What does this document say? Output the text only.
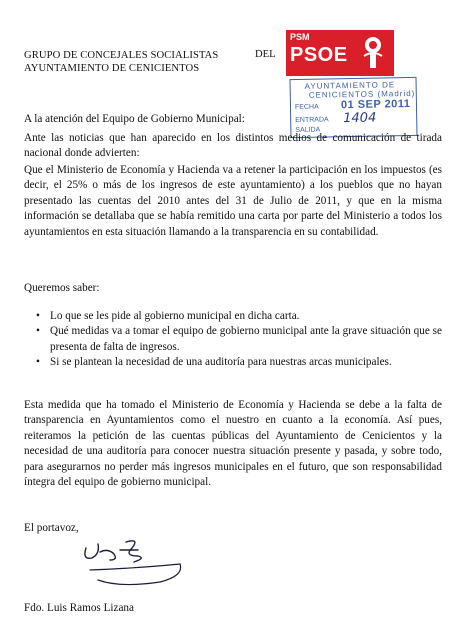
GRUPO DE CONCEJALES SOCIALISTAS
AYUNTAMIENTO DE CENICIENTOS
DEL
PSM
PSOE
AYUNTAMIENTO DE
CENICIENTOS (Madrid)
FECHA 01 SEP 2011
ENTRADA 1404
SALIDA
A la atención del Equipo de Gobierno Municipal:
Ante las noticias que han aparecido en los distintos medios de comunicación de tirada nacional donde advierten:
Que el Ministerio de Economía y Hacienda va a retener la participación en los impuestos (es decir, el 25% o más de los ingresos de este ayuntamiento) a los pueblos que no hayan presentado las cuentas del 2010 antes del 31 de Julio de 2011, y que en la misma información se detallaba que se había remitido una carta por parte del Ministerio a todos los ayuntamientos en esta situación llamando a la transparencia en su contabilidad.
Queremos saber:
• Lo que se les pide al gobierno municipal en dicha carta.
• Qué medidas va a tomar el equipo de gobierno municipal ante la grave situación que se presenta de falta de ingresos.
• Si se plantean la necesidad de una auditoría para nuestras arcas municipales.
Esta medida que ha tomado el Ministerio de Economía y Hacienda se debe a la falta de transparencia en Ayuntamientos como el nuestro en cuanto a la economía. Así pues, reiteramos la petición de las cuentas públicas del Ayuntamiento de Cenicientos y la necesidad de una auditoría para conocer nuestra situación presente y pasada, y sobre todo, para asegurarnos no perder más ingresos municipales en el futuro, que son responsabilidad íntegra del equipo de gobierno municipal.
El portavoz,
Fdo. Luis Ramos Lizana
